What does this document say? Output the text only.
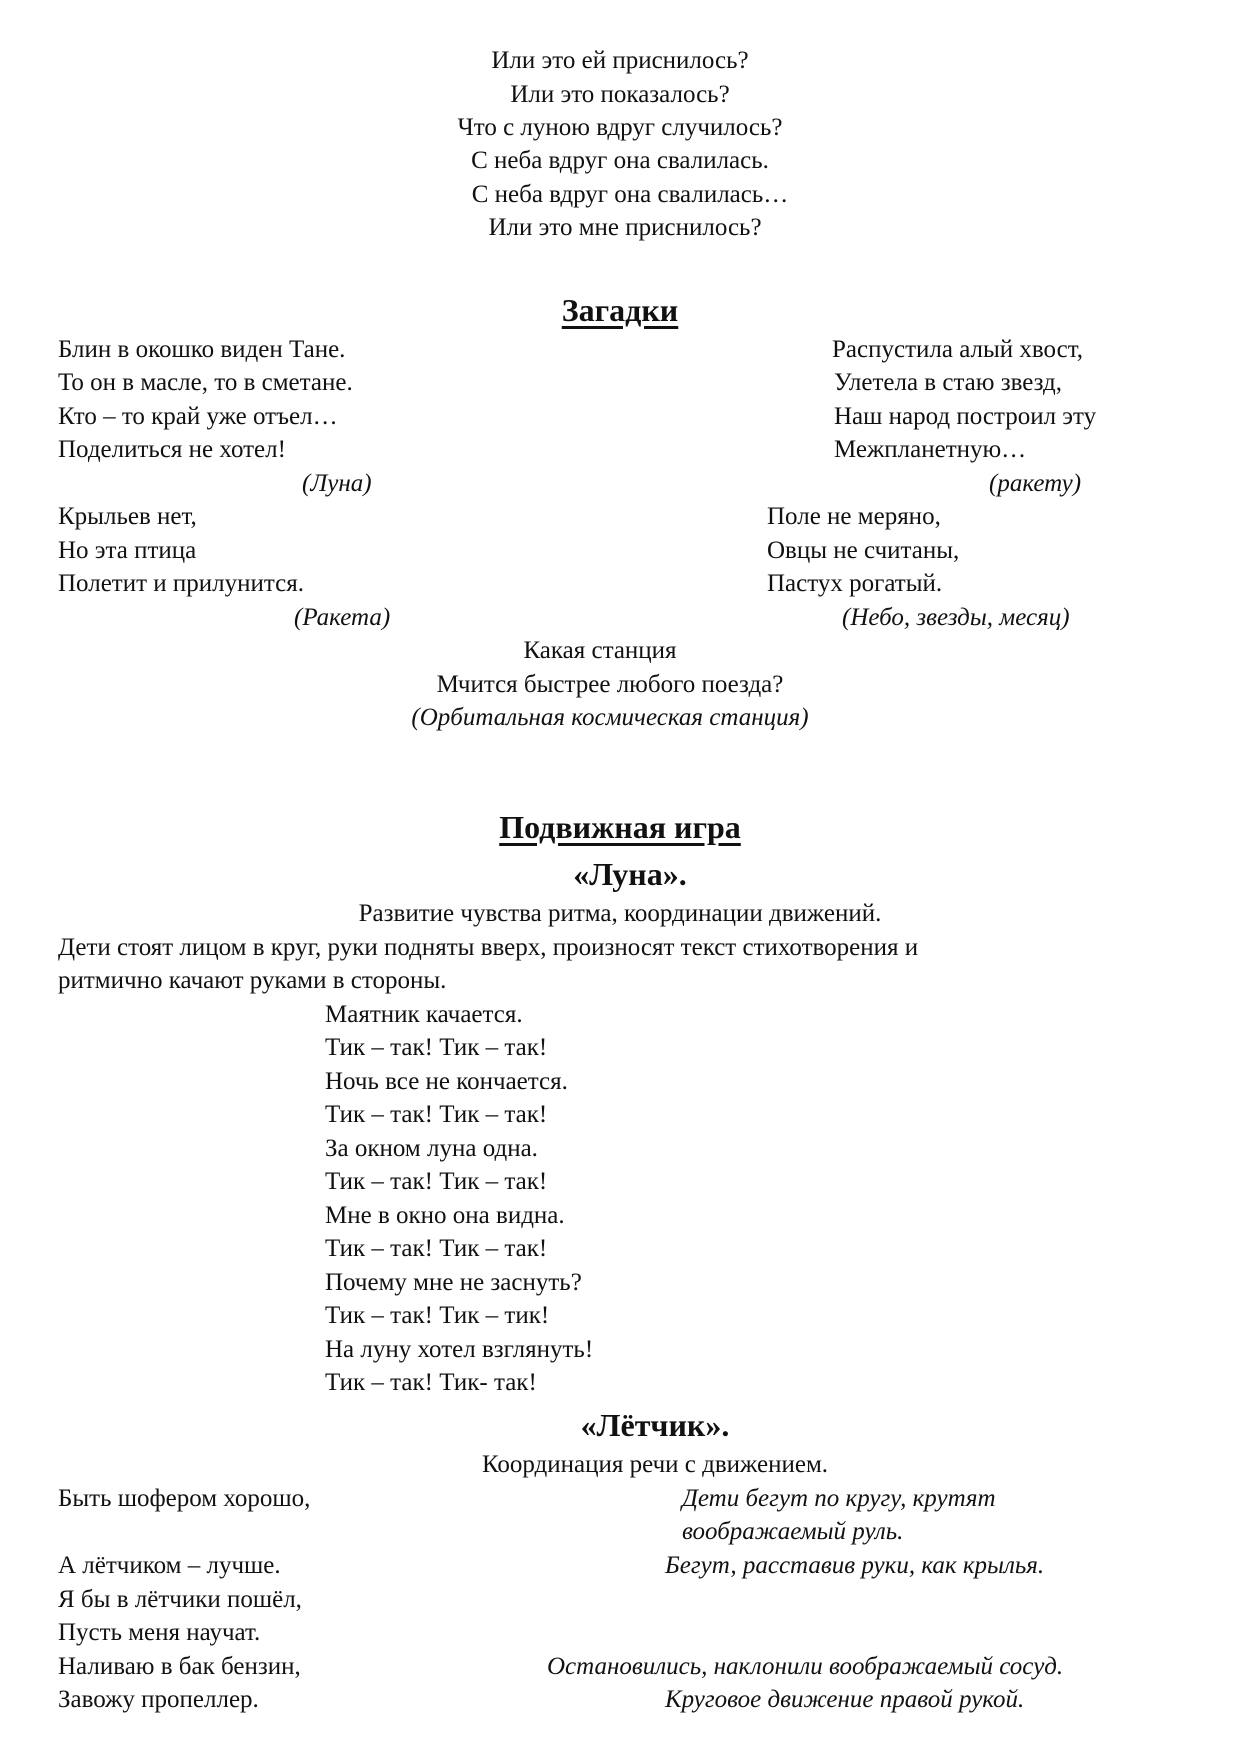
Или это ей приснилось?
Или это показалось?
Что с луною вдруг случилось?
С неба вдруг она свалилась.
С неба вдруг она свалилась…
Или это мне приснилось?
Загадки
Блин в окошко виден Тане.
То он в масле, то в сметане.
Кто – то край уже отъел…
Поделиться не хотел!
(Луна)
Распустила алый хвост,
Улетела в стаю звезд,
Наш народ построил эту
Межпланетную…
(ракету)
Крыльев нет,
Но эта птица
Полетит и прилунится.
(Ракета)
Поле не меряно,
Овцы не считаны,
Пастух рогатый.
(Небо, звезды, месяц)
Какая станция
Мчится быстрее любого поезда?
(Орбитальная космическая станция)
Подвижная игра
«Луна».
Развитие чувства ритма, координации движений.
Дети стоят лицом в круг, руки подняты вверх, произносят текст стихотворения и
ритмично качают руками в стороны.
Маятник качается.
Тик – так! Тик – так!
Ночь все не кончается.
Тик – так! Тик – так!
За окном луна одна.
Тик – так! Тик – так!
Мне в окно она видна.
Тик – так! Тик – так!
Почему мне не заснуть?
Тик – так! Тик – тик!
На луну хотел взглянуть!
Тик – так! Тик- так!
«Лётчик».
Координация речи с движением.
Быть шофером хорошо,
А лётчиком – лучше.
Я бы в лётчики пошёл,
Пусть меня научат.
Наливаю в бак бензин,
Завожу пропеллер.
Дети бегут по кругу, крутят
воображаемый руль.
Бегут, расставив руки, как крылья.
Остановились, наклонили воображаемый сосуд.
Круговое движение правой рукой.
